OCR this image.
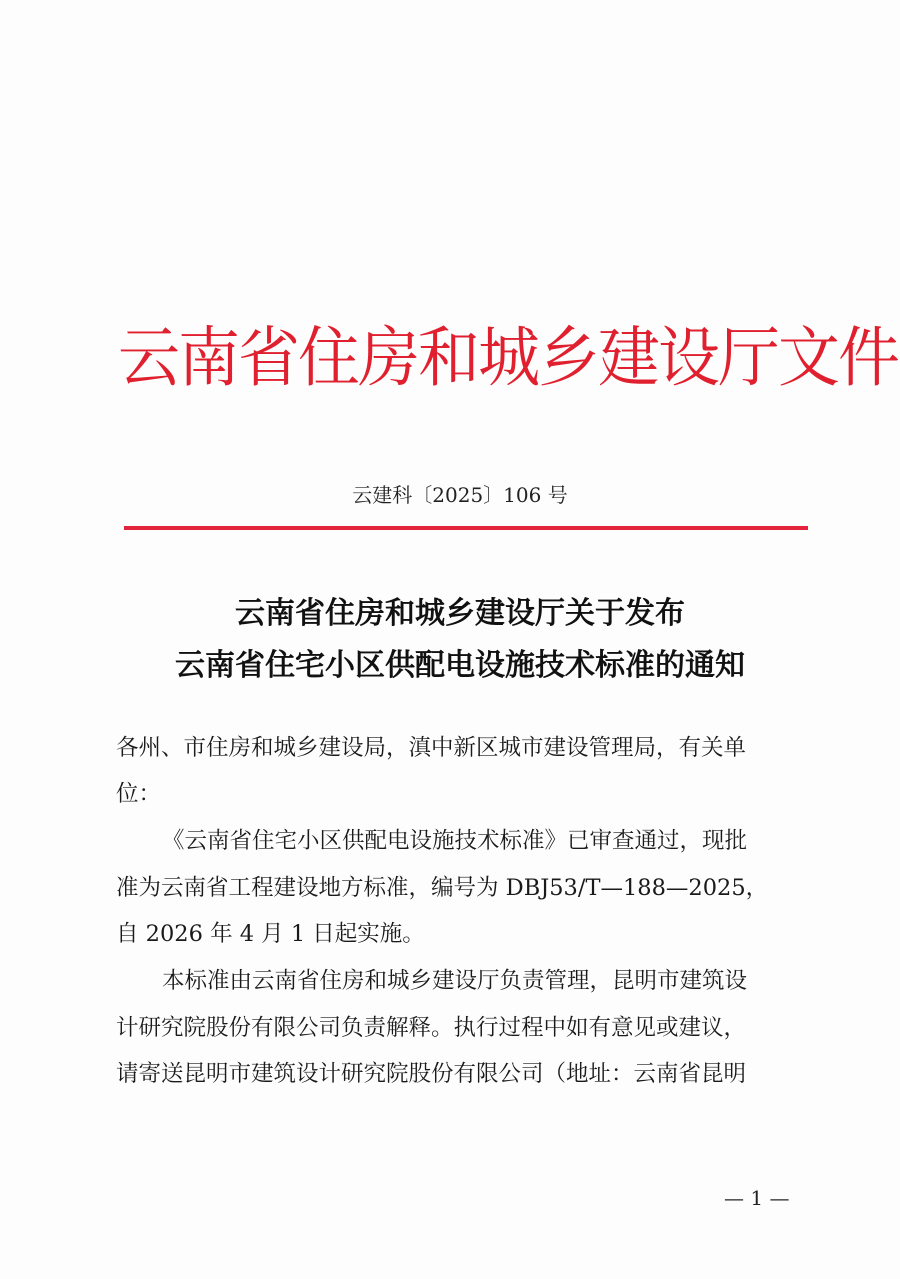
云南省住房和城乡建设厅文件
云建科〔2025〕106 号
云南省住房和城乡建设厅关于发布
云南省住宅小区供配电设施技术标准的通知
各州、市住房和城乡建设局，滇中新区城市建设管理局，有关单
位：
《云南省住宅小区供配电设施技术标准》已审查通过，现批
准为云南省工程建设地方标准，编号为 DBJ53/T—188—2025，
自 2026 年 4 月 1 日起实施。
本标准由云南省住房和城乡建设厅负责管理，昆明市建筑设
计研究院股份有限公司负责解释。执行过程中如有意见或建议，
请寄送昆明市建筑设计研究院股份有限公司（地址：云南省昆明
— 1 —
